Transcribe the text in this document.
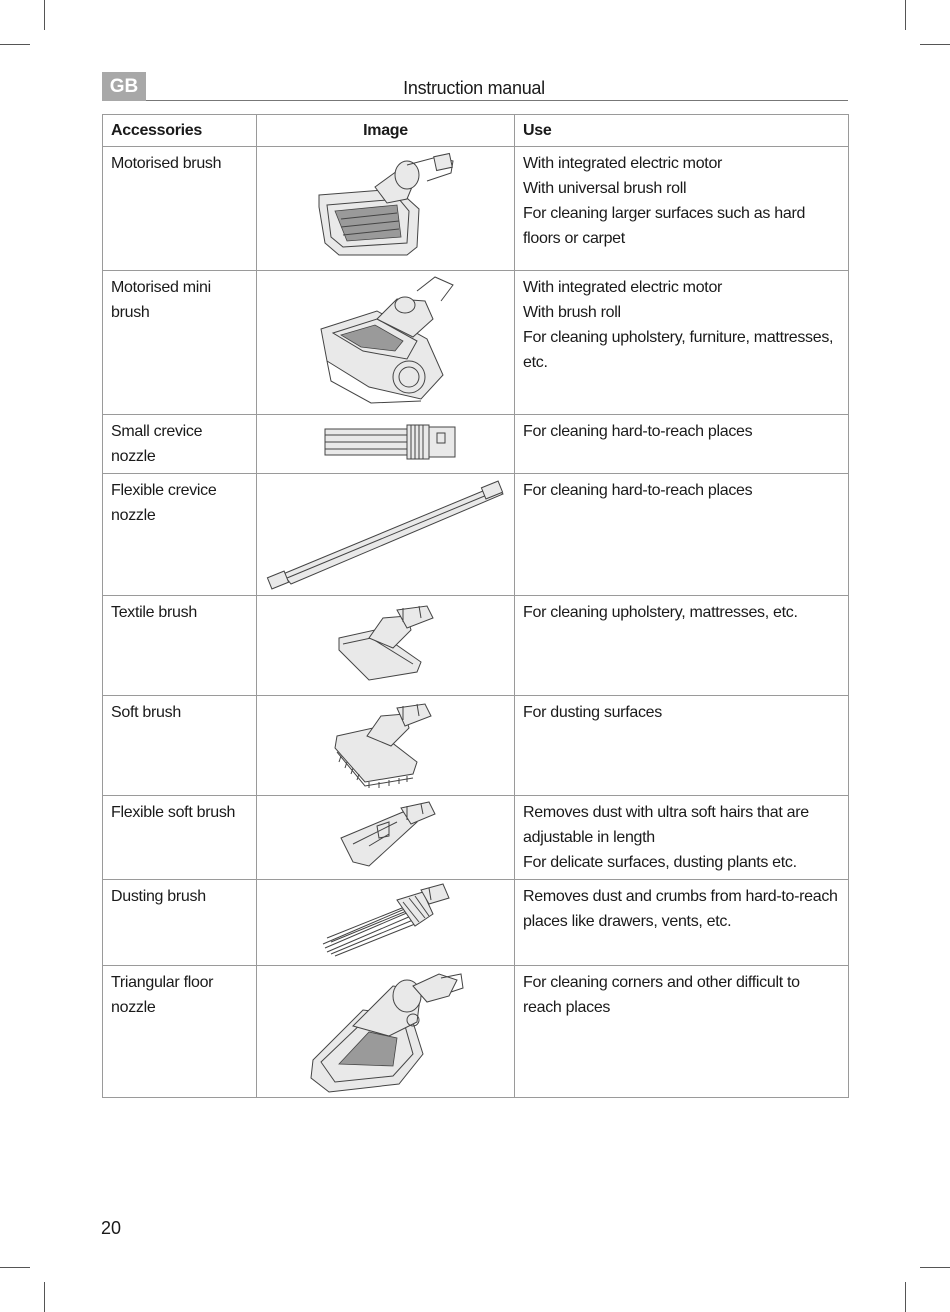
GB	Instruction manual
Accessories	Image	Use
Motorised brush		With integrated electric motor
With universal brush roll
For cleaning larger surfaces such as hard floors or carpet

Motorised mini brush		With integrated electric motor
With brush roll
For cleaning upholstery, furniture, mattresses, etc.

Small crevice nozzle		For cleaning hard-to-reach places

Flexible crevice nozzle		For cleaning hard-to-reach places

Textile brush		For cleaning upholstery, mattresses, etc.

Soft brush		For dusting surfaces

Flexible soft brush		Removes dust with ultra soft hairs that are adjustable in length
For delicate surfaces, dusting plants etc.

Dusting brush		Removes dust and crumbs from hard-to-reach places like drawers, vents, etc.

Triangular floor nozzle		For cleaning corners and other difficult to reach places
20
